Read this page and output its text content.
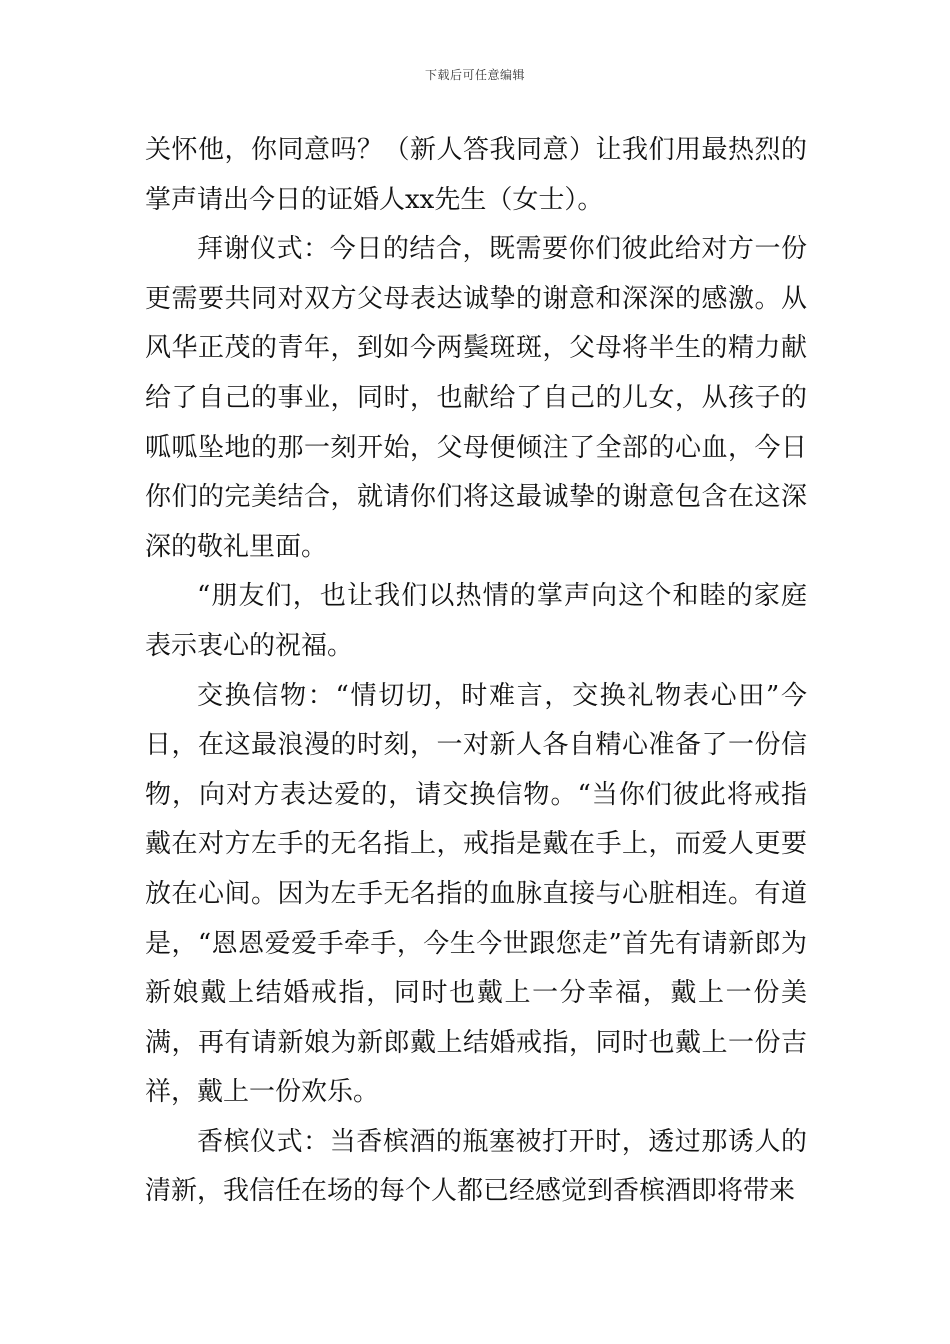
下载后可任意编辑

关怀他，你同意吗？（新人答我同意）让我们用最热烈的掌声请出今日的证婚人xx先生（女士）。

拜谢仪式：今日的结合，既需要你们彼此给对方一份更需要共同对双方父母表达诚挚的谢意和深深的感激。从风华正茂的青年，到如今两鬓斑斑，父母将半生的精力献给了自己的事业，同时，也献给了自己的儿女，从孩子的呱呱坠地的那一刻开始，父母便倾注了全部的心血，今日你们的完美结合，就请你们将这最诚挚的谢意包含在这深深的敬礼里面。

“朋友们，也让我们以热情的掌声向这个和睦的家庭表示衷心的祝福。

交换信物：“情切切，时难言，交换礼物表心田”今日，在这最浪漫的时刻，一对新人各自精心准备了一份信物，向对方表达爱的，请交换信物。“当你们彼此将戒指戴在对方左手的无名指上，戒指是戴在手上，而爱人更要放在心间。因为左手无名指的血脉直接与心脏相连。有道是，“恩恩爱爱手牵手，今生今世跟您走”首先有请新郎为新娘戴上结婚戒指，同时也戴上一分幸福，戴上一份美满，再有请新娘为新郎戴上结婚戒指，同时也戴上一份吉祥，戴上一份欢乐。

香槟仪式：当香槟酒的瓶塞被打开时，透过那诱人的清新，我信任在场的每个人都已经感觉到香槟酒即将带来
